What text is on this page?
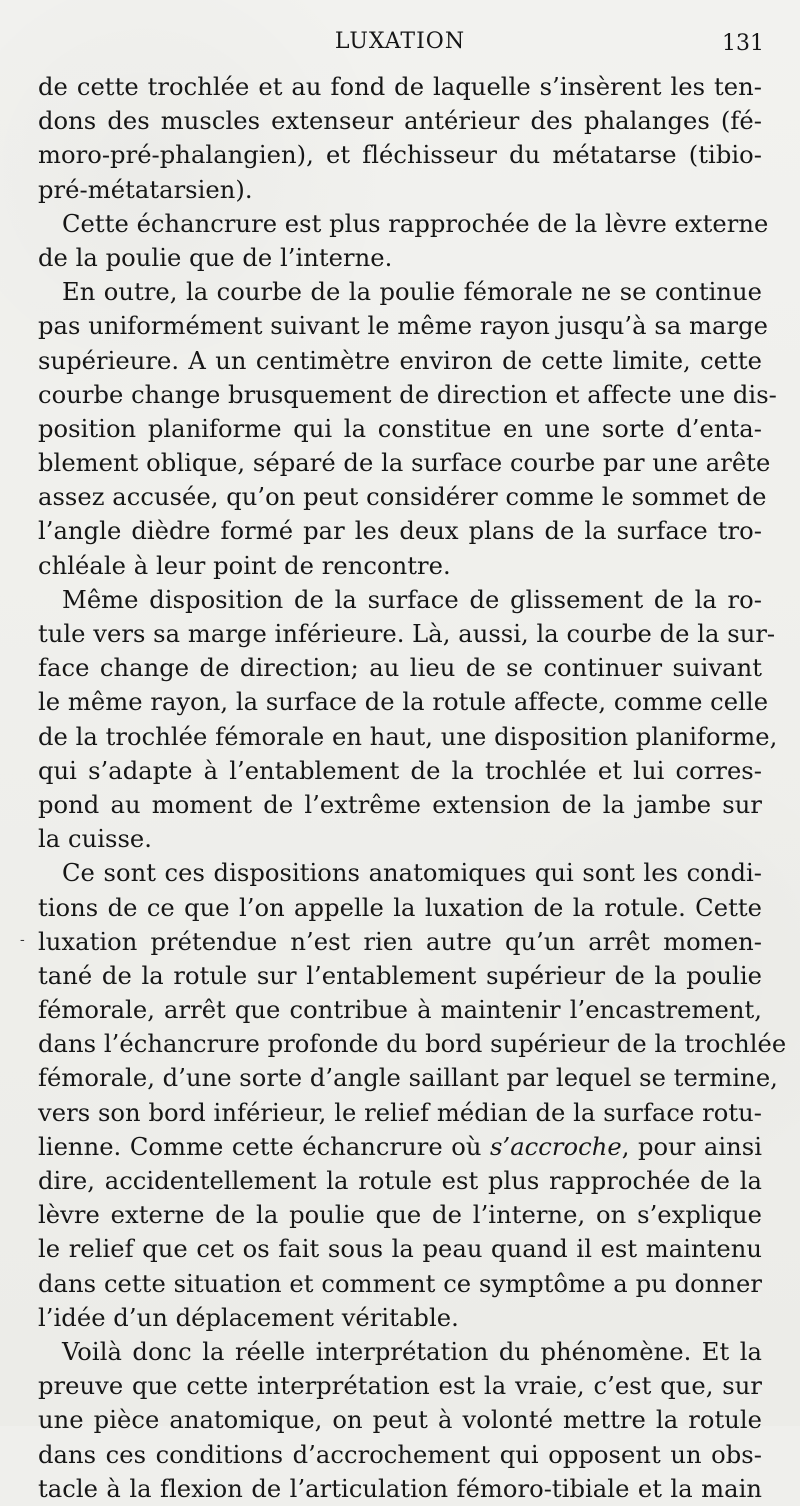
LUXATION	131
-
de cette trochlée et au fond de laquelle s’insèrent les ten-
dons des muscles extenseur antérieur des phalanges (fé-
moro-pré-phalangien), et fléchisseur du métatarse (tibio-
pré-métatarsien).
Cette échancrure est plus rapprochée de la lèvre externe
de la poulie que de l’interne.
En outre, la courbe de la poulie fémorale ne se continue
pas uniformément suivant le même rayon jusqu’à sa marge
supérieure. A un centimètre environ de cette limite, cette
courbe change brusquement de direction et affecte une dis-
position planiforme qui la constitue en une sorte d’enta-
blement oblique, séparé de la surface courbe par une arête
assez accusée, qu’on peut considérer comme le sommet de
l’angle dièdre formé par les deux plans de la surface tro-
chléale à leur point de rencontre.
Même disposition de la surface de glissement de la ro-
tule vers sa marge inférieure. Là, aussi, la courbe de la sur-
face change de direction; au lieu de se continuer suivant
le même rayon, la surface de la rotule affecte, comme celle
de la trochlée fémorale en haut, une disposition planiforme,
qui s’adapte à l’entablement de la trochlée et lui corres-
pond au moment de l’extrême extension de la jambe sur
la cuisse.
Ce sont ces dispositions anatomiques qui sont les condi-
tions de ce que l’on appelle la luxation de la rotule. Cette
luxation prétendue n’est rien autre qu’un arrêt momen-
tané de la rotule sur l’entablement supérieur de la poulie
fémorale, arrêt que contribue à maintenir l’encastrement,
dans l’échancrure profonde du bord supérieur de la trochlée
fémorale, d’une sorte d’angle saillant par lequel se termine,
vers son bord inférieur, le relief médian de la surface rotu-
lienne. Comme cette échancrure où s’accroche, pour ainsi
dire, accidentellement la rotule est plus rapprochée de la
lèvre externe de la poulie que de l’interne, on s’explique
le relief que cet os fait sous la peau quand il est maintenu
dans cette situation et comment ce symptôme a pu donner
l’idée d’un déplacement véritable.
Voilà donc la réelle interprétation du phénomène. Et la
preuve que cette interprétation est la vraie, c’est que, sur
une pièce anatomique, on peut à volonté mettre la rotule
dans ces conditions d’accrochement qui opposent un obs-
tacle à la flexion de l’articulation fémoro-tibiale et la main
